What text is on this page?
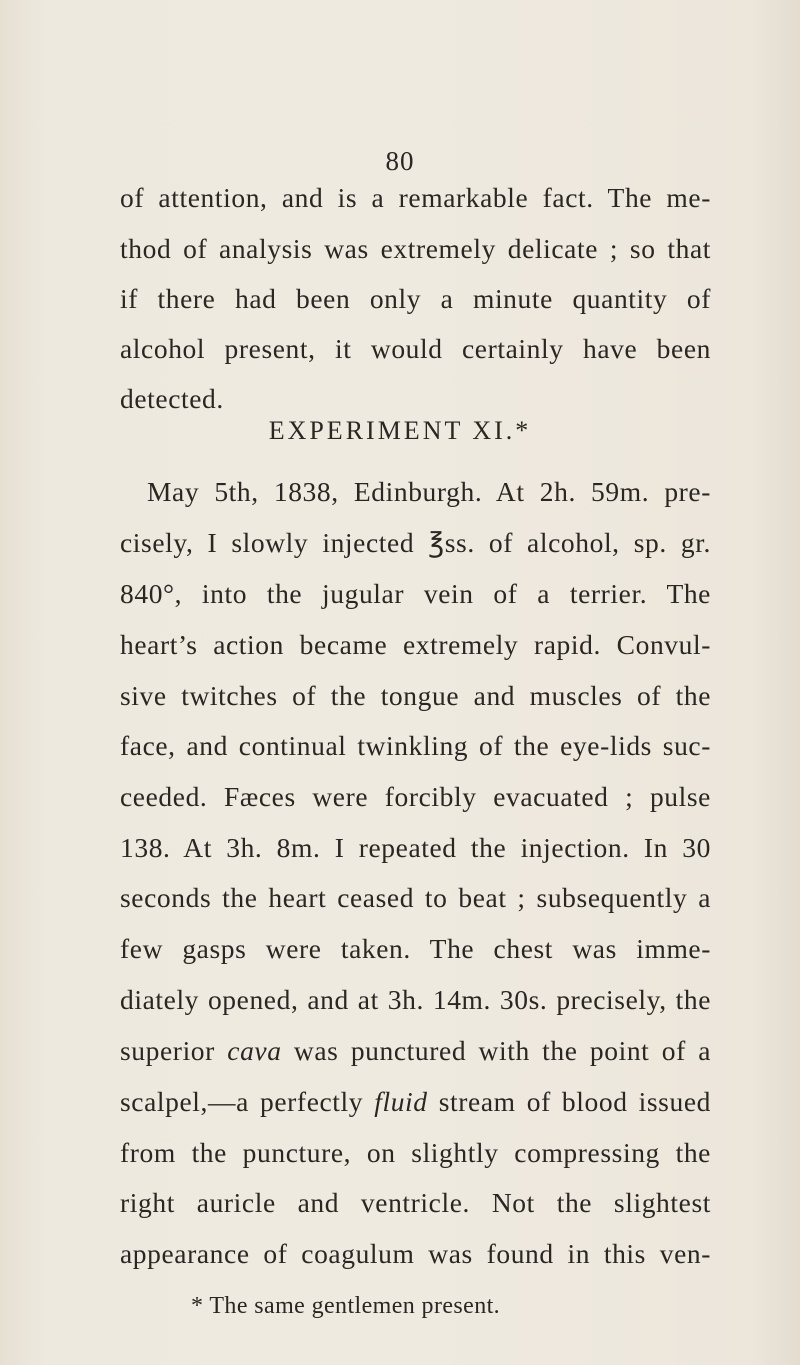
80
of attention, and is a remarkable fact. The me-
thod of analysis was extremely delicate ; so that
if there had been only a minute quantity of
alcohol present, it would certainly have been
detected.
EXPERIMENT XI.*
May 5th, 1838, Edinburgh. At 2h. 59m. pre-
cisely, I slowly injected ℥ss. of alcohol, sp. gr.
840°, into the jugular vein of a terrier. The
heart’s action became extremely rapid. Convul-
sive twitches of the tongue and muscles of the
face, and continual twinkling of the eye-lids suc-
ceeded. Fæces were forcibly evacuated ; pulse
138. At 3h. 8m. I repeated the injection. In 30
seconds the heart ceased to beat ; subsequently a
few gasps were taken. The chest was imme-
diately opened, and at 3h. 14m. 30s. precisely, the
superior cava was punctured with the point of a
scalpel,—a perfectly fluid stream of blood issued
from the puncture, on slightly compressing the
right auricle and ventricle. Not the slightest
appearance of coagulum was found in this ven-
* The same gentlemen present.
